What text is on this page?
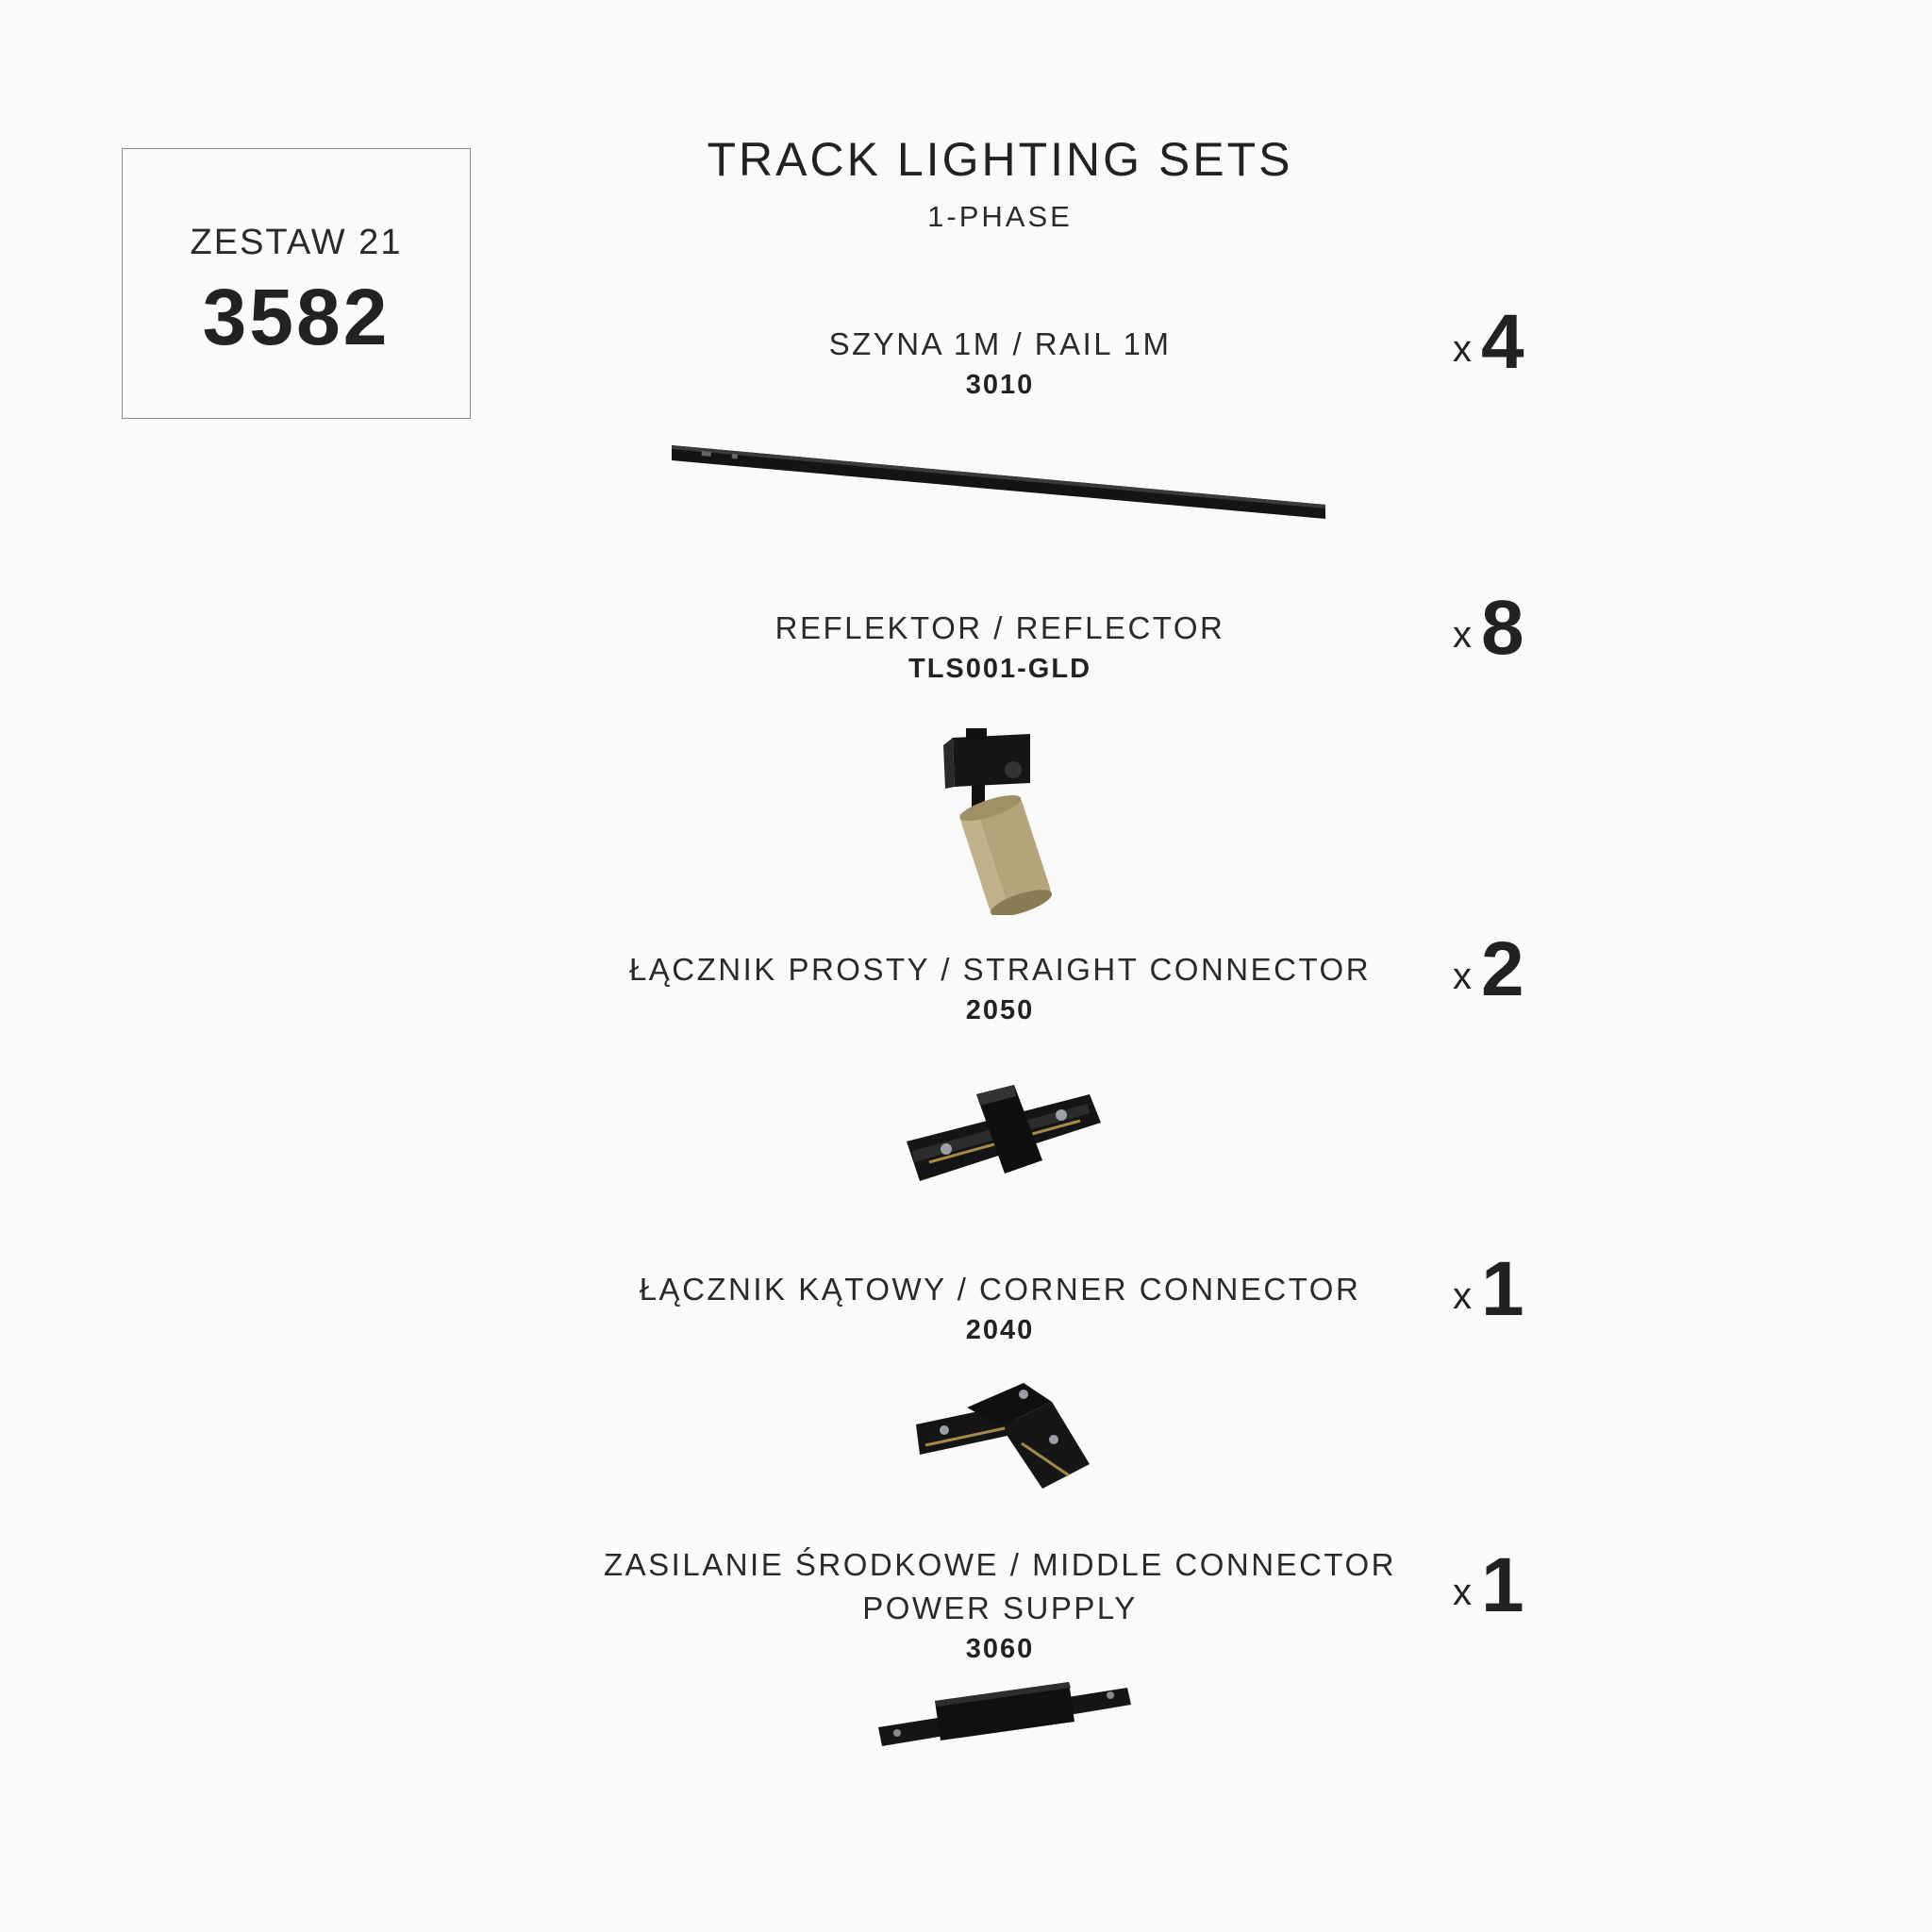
ZESTAW 21
3582
TRACK LIGHTING SETS
1-PHASE
SZYNA 1M / RAIL 1M
3010
x 4
REFLEKTOR / REFLECTOR
TLS001-GLD
x 8
ŁĄCZNIK PROSTY / STRAIGHT CONNECTOR
2050
x 2
ŁĄCZNIK KĄTOWY / CORNER CONNECTOR
2040
x 1
ZASILANIE ŚRODKOWE / MIDDLE CONNECTOR
POWER SUPPLY
3060
x 1
